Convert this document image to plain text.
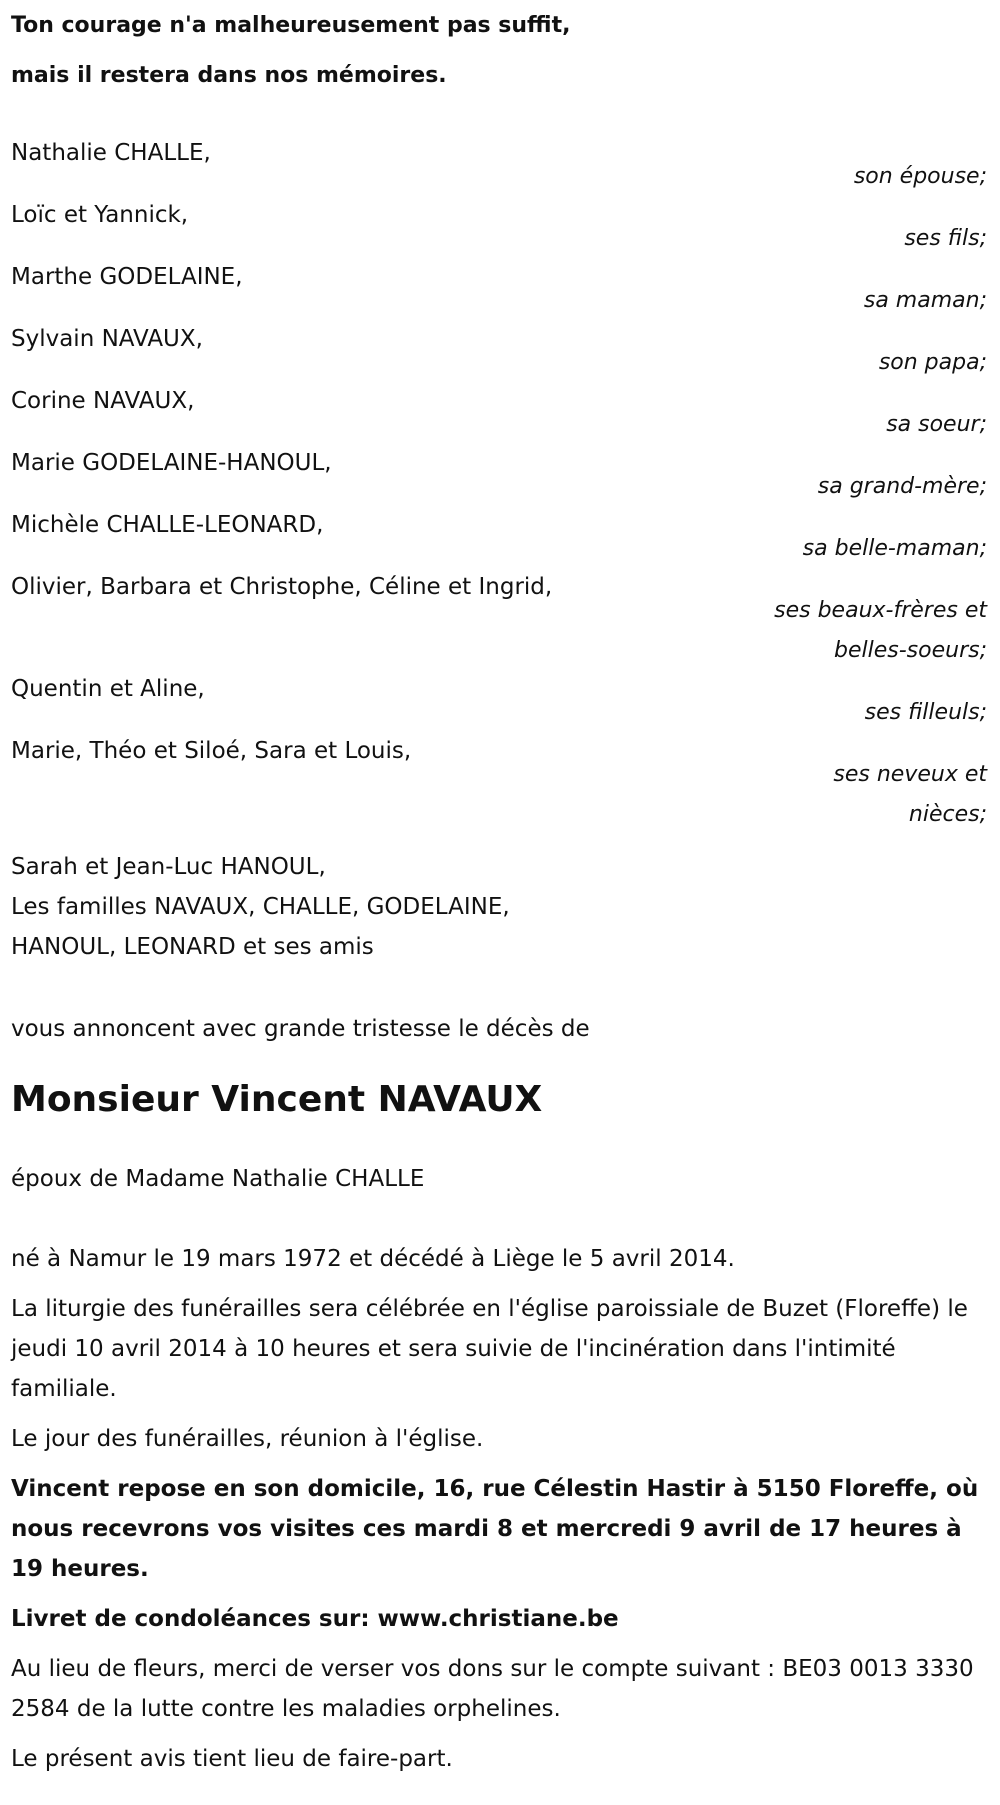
Ton courage n'a malheureusement pas suffit,
mais il restera dans nos mémoires.
Nathalie CHALLE,
son épouse;
Loïc et Yannick,
ses fils;
Marthe GODELAINE,
sa maman;
Sylvain NAVAUX,
son papa;
Corine NAVAUX,
sa soeur;
Marie GODELAINE-HANOUL,
sa grand-mère;
Michèle CHALLE-LEONARD,
sa belle-maman;
Olivier, Barbara et Christophe, Céline et Ingrid,
ses beaux-frères et
belles-soeurs;
Quentin et Aline,
ses filleuls;
Marie, Théo et Siloé, Sara et Louis,
ses neveux et
nièces;
Sarah et Jean-Luc HANOUL,
Les familles NAVAUX, CHALLE, GODELAINE,
HANOUL, LEONARD et ses amis
vous annoncent avec grande tristesse le décès de
Monsieur Vincent NAVAUX
époux de Madame Nathalie CHALLE
né à Namur le 19 mars 1972 et décédé à Liège le 5 avril 2014.
La liturgie des funérailles sera célébrée en l'église paroissiale de Buzet (Floreffe) le jeudi 10 avril 2014 à 10 heures et sera suivie de l'incinération dans l'intimité familiale.
Le jour des funérailles, réunion à l'église.
Vincent repose en son domicile, 16, rue Célestin Hastir à 5150 Floreffe, où nous recevrons vos visites ces mardi 8 et mercredi 9 avril de 17 heures à 19 heures.
Livret de condoléances sur: www.christiane.be
Au lieu de fleurs, merci de verser vos dons sur le compte suivant : BE03 0013 3330 2584 de la lutte contre les maladies orphelines.
Le présent avis tient lieu de faire-part.
